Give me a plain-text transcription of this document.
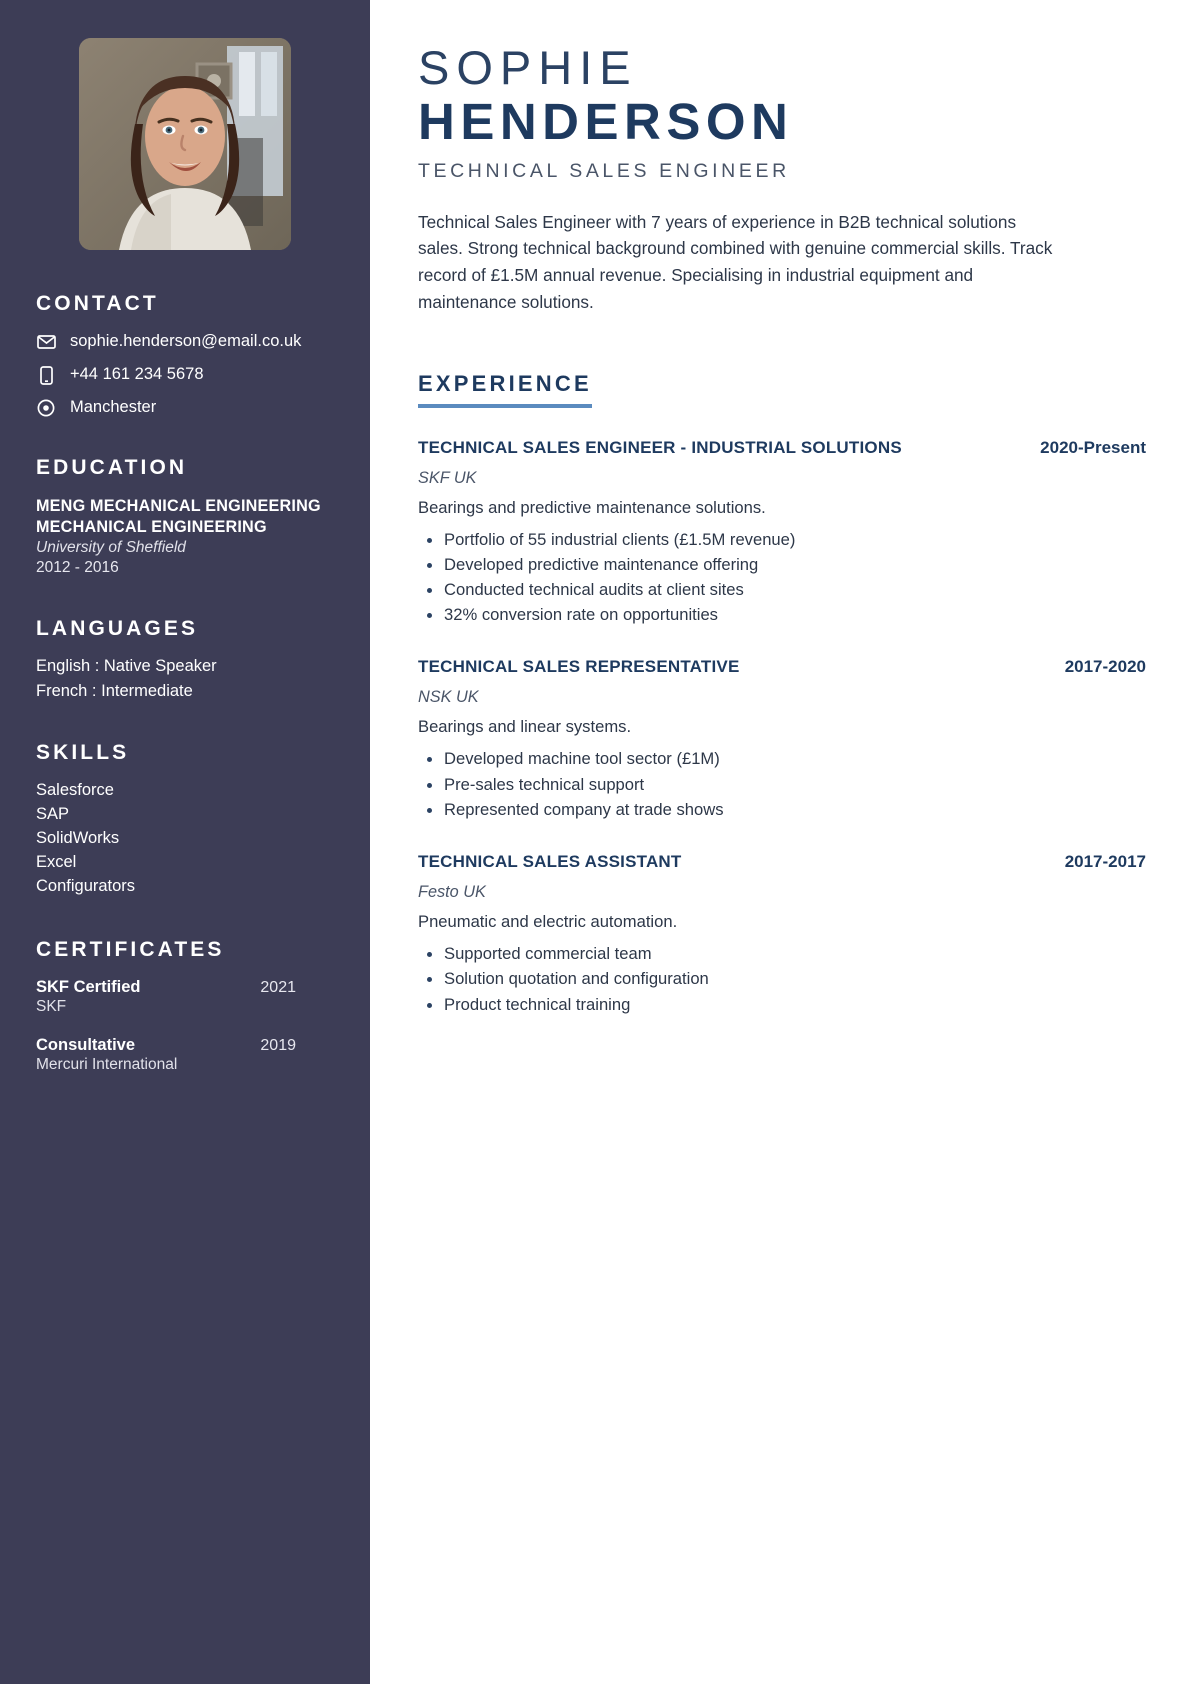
CONTACT
sophie.henderson@email.co.uk
+44 161 234 5678
Manchester
EDUCATION
MENG MECHANICAL ENGINEERING MECHANICAL ENGINEERING
University of Sheffield
2012 - 2016
LANGUAGES
English : Native Speaker
French : Intermediate
SKILLS
Salesforce
SAP
SolidWorks
Excel
Configurators
CERTIFICATES
SKF Certified	2021
SKF
Consultative	2019
Mercuri International
SOPHIE
HENDERSON
TECHNICAL SALES ENGINEER

Technical Sales Engineer with 7 years of experience in B2B technical solutions sales. Strong technical background combined with genuine commercial skills. Track record of £1.5M annual revenue. Specialising in industrial equipment and maintenance solutions.

EXPERIENCE
TECHNICAL SALES ENGINEER - INDUSTRIAL SOLUTIONS	2020-Present
SKF UK
Bearings and predictive maintenance solutions.
Portfolio of 55 industrial clients (£1.5M revenue)
Developed predictive maintenance offering
Conducted technical audits at client sites
32% conversion rate on opportunities
TECHNICAL SALES REPRESENTATIVE	2017-2020
NSK UK
Bearings and linear systems.
Developed machine tool sector (£1M)
Pre-sales technical support
Represented company at trade shows
TECHNICAL SALES ASSISTANT	2017-2017
Festo UK
Pneumatic and electric automation.
Supported commercial team
Solution quotation and configuration
Product technical training
